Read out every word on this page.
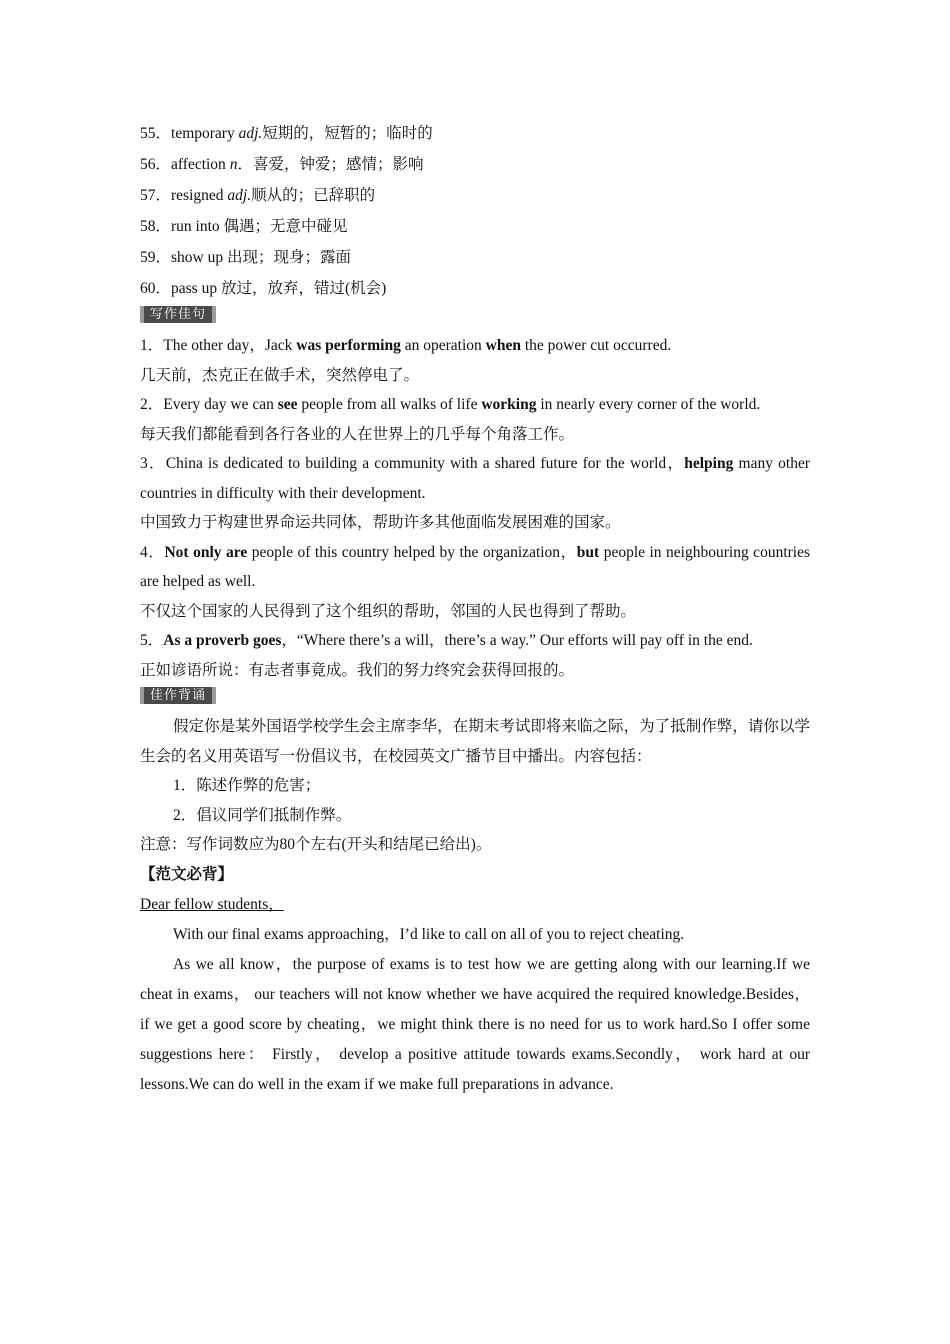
55．temporary adj.短期的，短暂的；临时的
56．affection n．喜爱，钟爱；感情；影响
57．resigned adj.顺从的；已辞职的
58．run into 偶遇；无意中碰见
59．show up 出现；现身；露面
60．pass up 放过，放弃，错过(机会)
写作佳句
1．The other day，Jack was performing an operation when the power cut occurred.
几天前，杰克正在做手术，突然停电了。
2．Every day we can see people from all walks of life working in nearly every corner of the world.
每天我们都能看到各行各业的人在世界上的几乎每个角落工作。
3．China is dedicated to building a community with a shared future for the world，helping many other countries in difficulty with their development.
中国致力于构建世界命运共同体，帮助许多其他面临发展困难的国家。
4．Not only are people of this country helped by the organization，but people in neighbouring countries are helped as well.
不仅这个国家的人民得到了这个组织的帮助，邻国的人民也得到了帮助。
5．As a proverb goes，“Where there’s a will，there’s a way.” Our efforts will pay off in the end.
正如谚语所说：有志者事竟成。我们的努力终究会获得回报的。
佳作背诵
假定你是某外国语学校学生会主席李华，在期末考试即将来临之际，为了抵制作弊，请你以学生会的名义用英语写一份倡议书，在校园英文广播节目中播出。内容包括：
1．陈述作弊的危害；
2．倡议同学们抵制作弊。
注意：写作词数应为80个左右(开头和结尾已给出)。
【范文必背】
Dear fellow students，
With our final exams approaching，I’d like to call on all of you to reject cheating.
As we all know，the purpose of exams is to test how we are getting along with our learning.If we cheat in exams， our teachers will not know whether we have acquired the required knowledge.Besides，if we get a good score by cheating，we might think there is no need for us to work hard.So I offer some suggestions here： Firstly， develop a positive attitude towards exams.Secondly， work hard at our lessons.We can do well in the exam if we make full preparations in advance.
